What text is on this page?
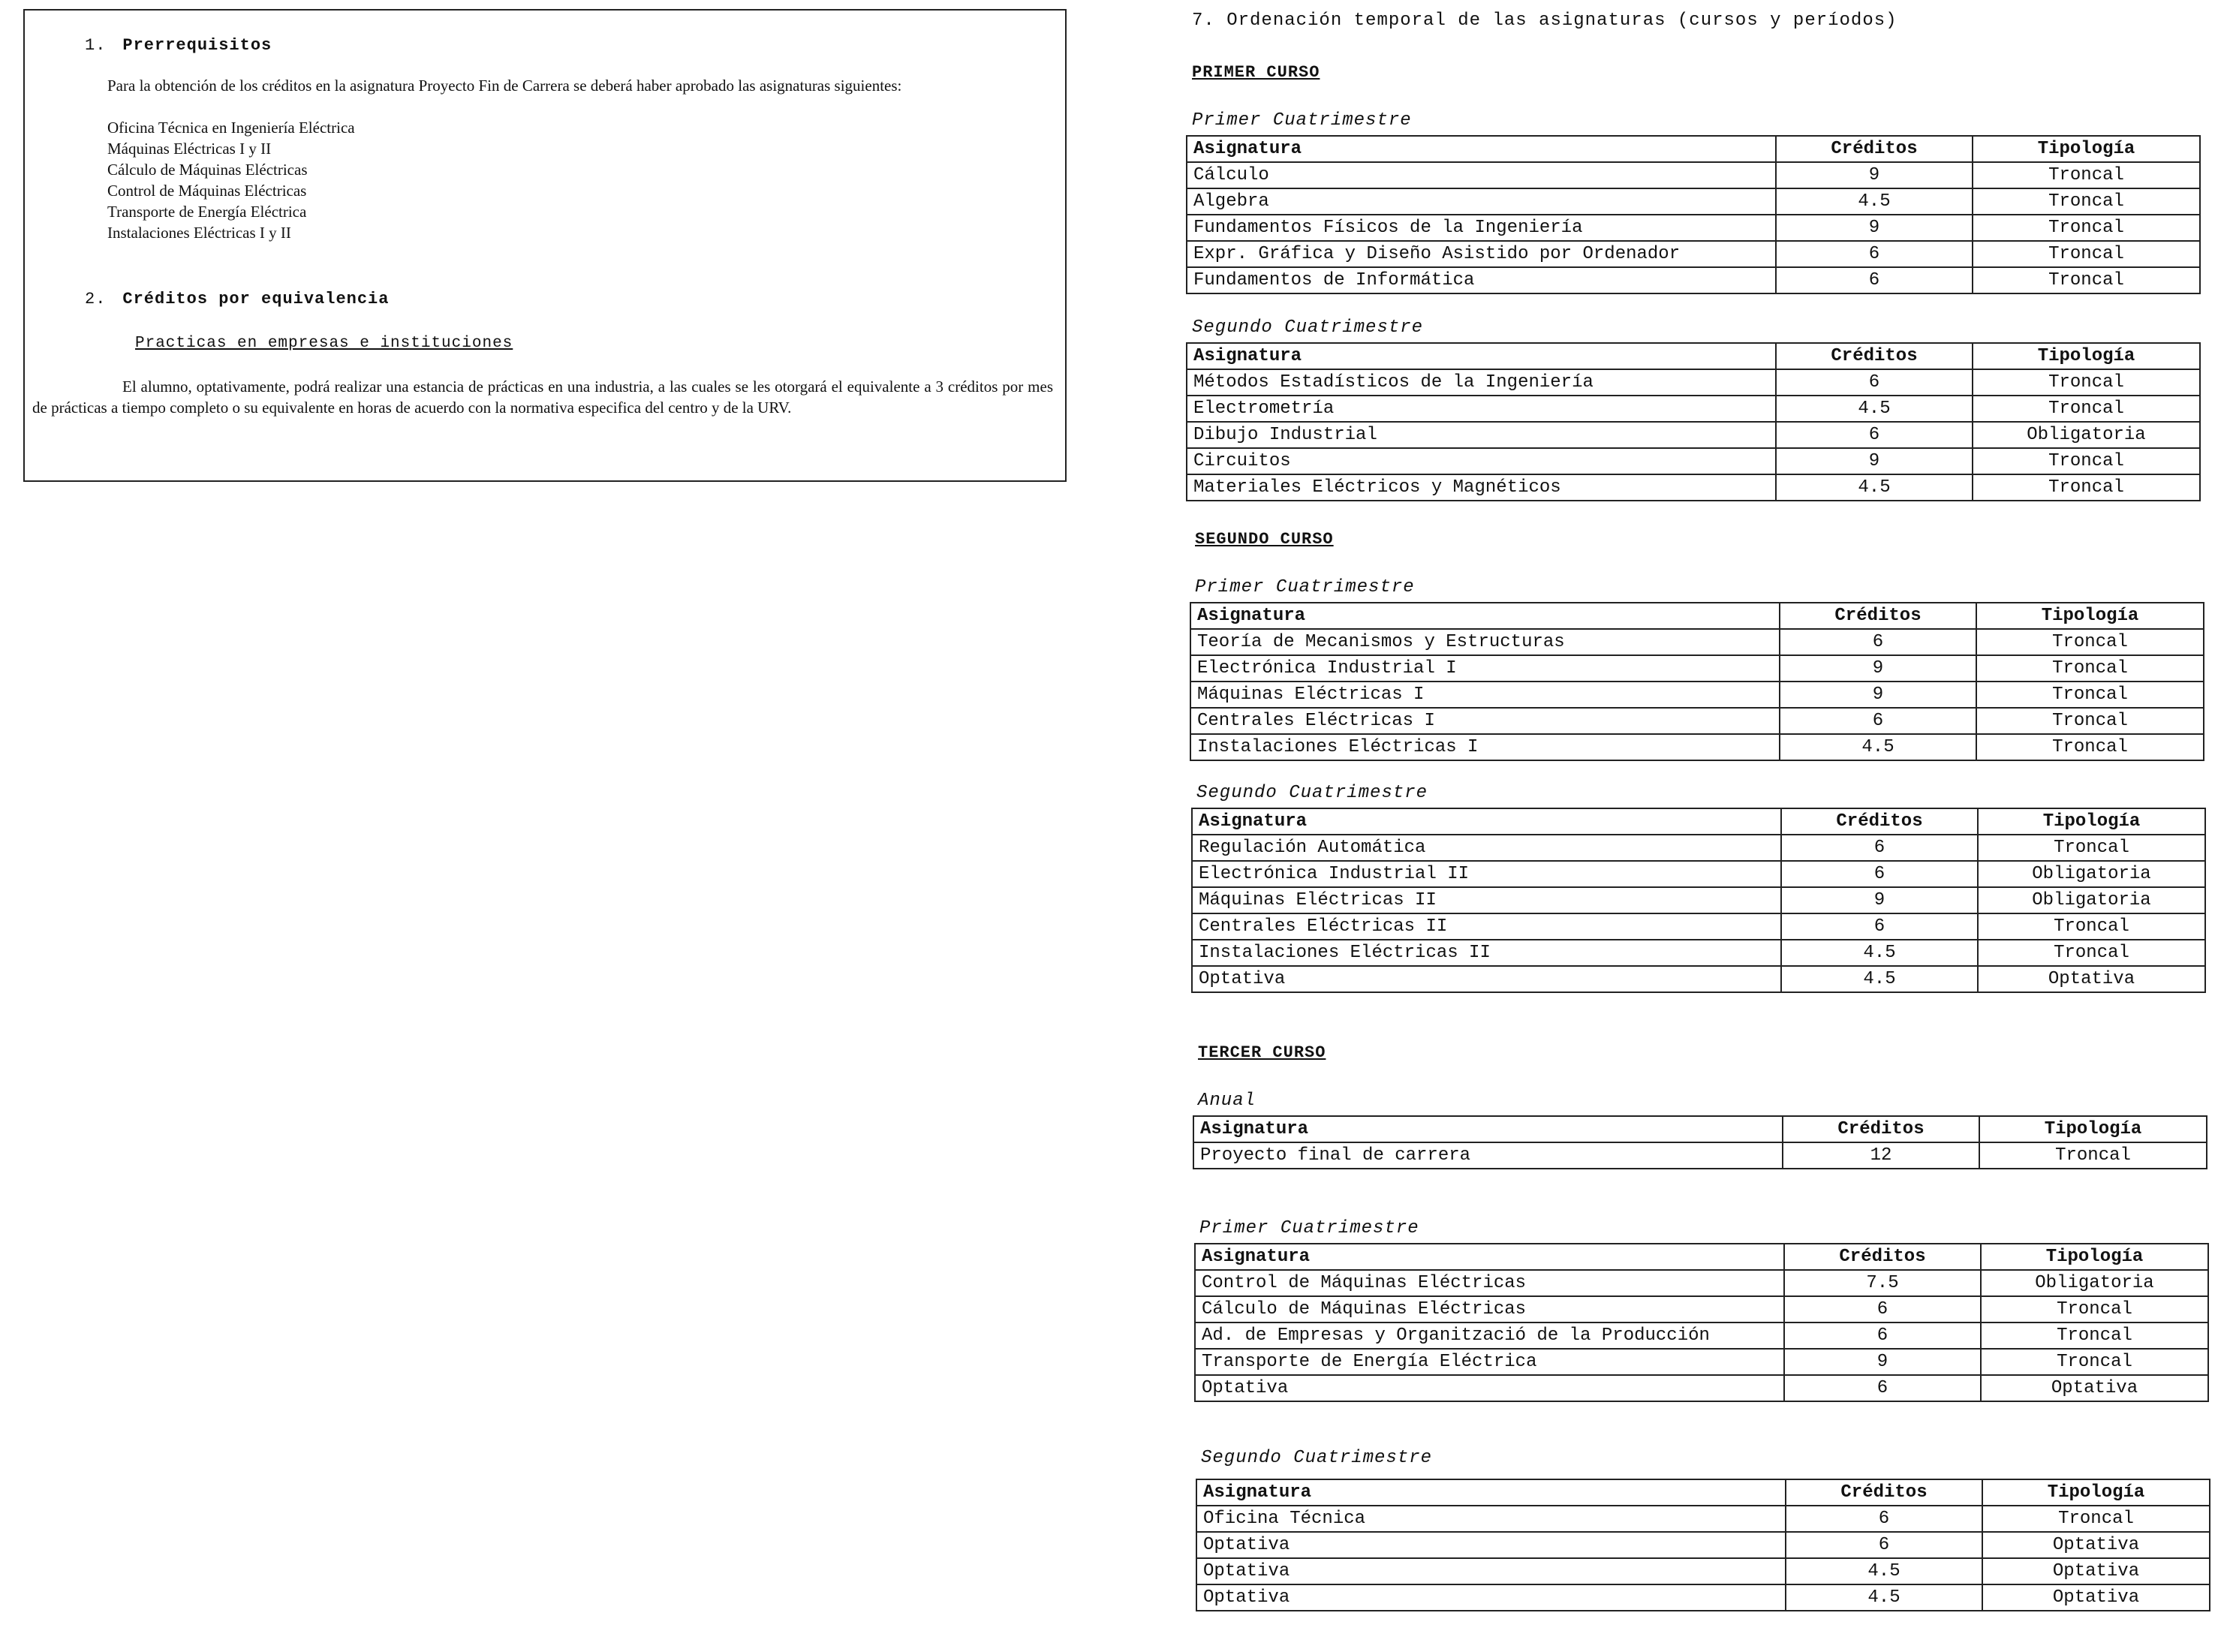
1. Prerrequisitos
Para la obtención de los créditos en la asignatura Proyecto Fin de Carrera se deberá haber aprobado las asignaturas siguientes:
Oficina Técnica en Ingeniería Eléctrica
Máquinas Eléctricas I y II
Cálculo de Máquinas Eléctricas
Control de Máquinas Eléctricas
Transporte de Energía Eléctrica
Instalaciones Eléctricas I y II
2. Créditos por equivalencia
Practicas en empresas e instituciones
El alumno, optativamente, podrá realizar una estancia de prácticas en una industria, a las cuales se les otorgará el equivalente a 3 créditos por mes de prácticas a tiempo completo o su equivalente en horas de acuerdo con la normativa especifica del centro y de la URV.
7. Ordenación temporal de las asignaturas (cursos y períodos)
PRIMER CURSO
Primer Cuatrimestre
Asignatura	Créditos	Tipología
Cálculo	9	Troncal
Algebra	4.5	Troncal
Fundamentos Físicos de la Ingeniería	9	Troncal
Expr. Gráfica y Diseño Asistido por Ordenador	6	Troncal
Fundamentos de Informática	6	Troncal
Segundo Cuatrimestre
Asignatura	Créditos	Tipología
Métodos Estadísticos de la Ingeniería	6	Troncal
Electrometría	4.5	Troncal
Dibujo Industrial	6	Obligatoria
Circuitos	9	Troncal
Materiales Eléctricos y Magnéticos	4.5	Troncal
SEGUNDO CURSO
Primer Cuatrimestre
Asignatura	Créditos	Tipología
Teoría de Mecanismos y Estructuras	6	Troncal
Electrónica Industrial I	9	Troncal
Máquinas Eléctricas I	9	Troncal
Centrales Eléctricas I	6	Troncal
Instalaciones Eléctricas I	4.5	Troncal
Segundo Cuatrimestre
Asignatura	Créditos	Tipología
Regulación Automática	6	Troncal
Electrónica Industrial II	6	Obligatoria
Máquinas Eléctricas II	9	Obligatoria
Centrales Eléctricas II	6	Troncal
Instalaciones Eléctricas II	4.5	Troncal
Optativa	4.5	Optativa
TERCER CURSO
Anual
Asignatura	Créditos	Tipología
Proyecto final de carrera	12	Troncal
Primer Cuatrimestre
Asignatura	Créditos	Tipología
Control de Máquinas Eléctricas	7.5	Obligatoria
Cálculo de Máquinas Eléctricas	6	Troncal
Ad. de Empresas y Organització de la Producción	6	Troncal
Transporte de Energía Eléctrica	9	Troncal
Optativa	6	Optativa
Segundo Cuatrimestre
Asignatura	Créditos	Tipología
Oficina Técnica	6	Troncal
Optativa	6	Optativa
Optativa	4.5	Optativa
Optativa	4.5	Optativa
